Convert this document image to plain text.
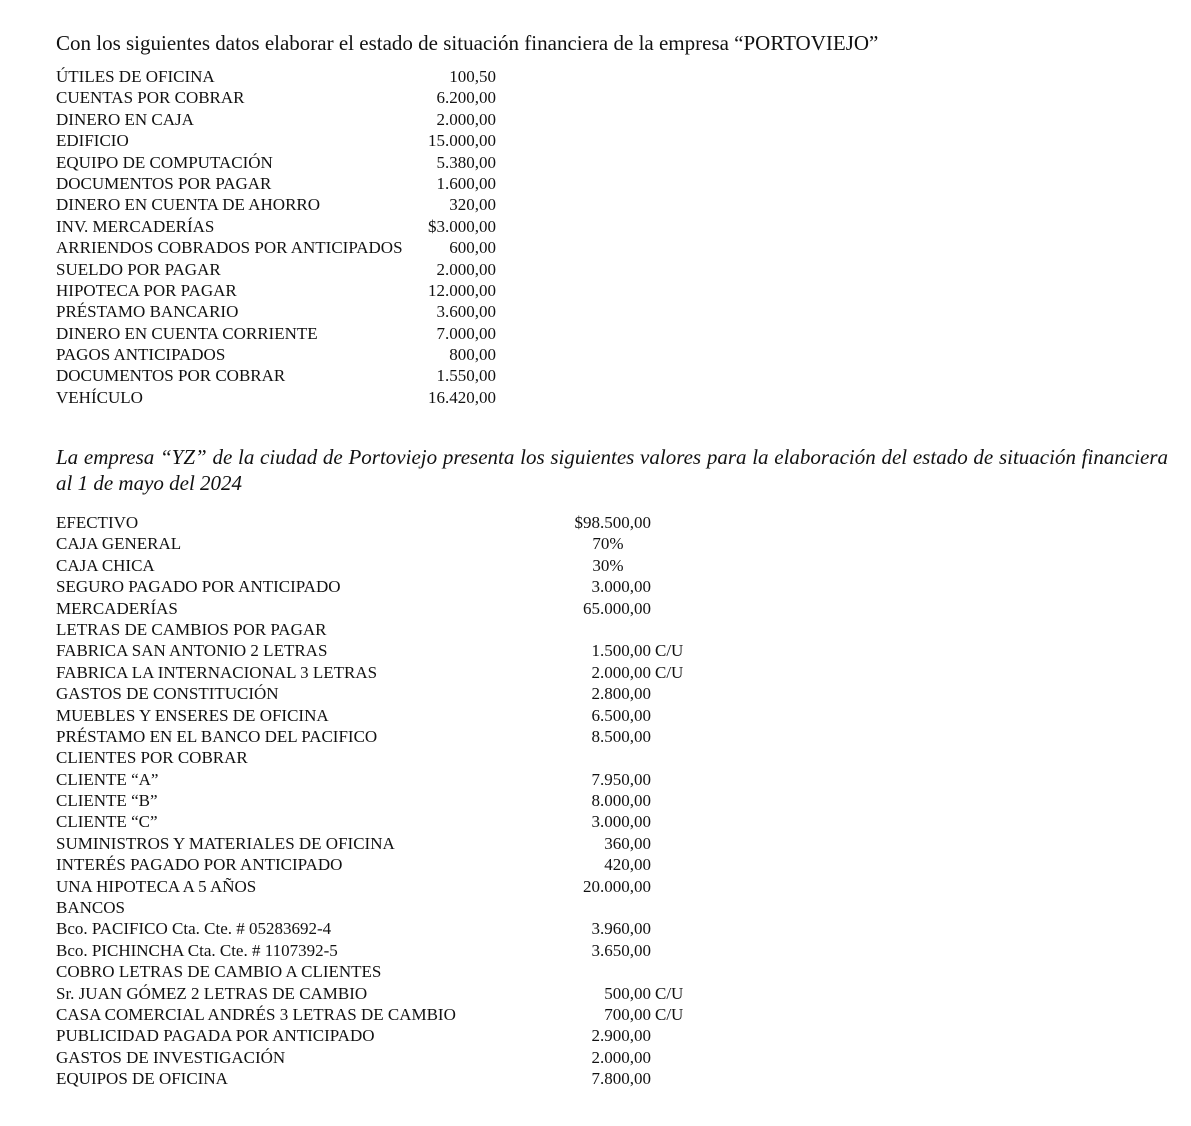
Con los siguientes datos elaborar el estado de situación financiera de la empresa “PORTOVIEJO”
ÚTILES DE OFICINA	100,50
CUENTAS POR COBRAR	6.200,00
DINERO EN CAJA	2.000,00
EDIFICIO	15.000,00
EQUIPO DE COMPUTACIÓN	5.380,00
DOCUMENTOS POR PAGAR	1.600,00
DINERO EN CUENTA DE AHORRO	320,00
INV. MERCADERÍAS	$3.000,00
ARRIENDOS COBRADOS POR ANTICIPADOS	600,00
SUELDO POR PAGAR	2.000,00
HIPOTECA POR PAGAR	12.000,00
PRÉSTAMO BANCARIO	3.600,00
DINERO EN CUENTA CORRIENTE	7.000,00
PAGOS ANTICIPADOS	800,00
DOCUMENTOS POR COBRAR	1.550,00
VEHÍCULO	16.420,00
La empresa “YZ” de la ciudad de Portoviejo presenta los siguientes valores para la elaboración del estado de situación financiera al 1 de mayo del 2024
EFECTIVO	$98.500,00
CAJA GENERAL	70%
CAJA CHICA	30%
SEGURO PAGADO POR ANTICIPADO	3.000,00
MERCADERÍAS	65.000,00
LETRAS DE CAMBIOS POR PAGAR
FABRICA SAN ANTONIO 2 LETRAS	1.500,00 C/U
FABRICA LA INTERNACIONAL 3 LETRAS	2.000,00 C/U
GASTOS DE CONSTITUCIÓN	2.800,00
MUEBLES Y ENSERES DE OFICINA	6.500,00
PRÉSTAMO EN EL BANCO DEL PACIFICO	8.500,00
CLIENTES POR COBRAR
CLIENTE “A”	7.950,00
CLIENTE “B”	8.000,00
CLIENTE “C”	3.000,00
SUMINISTROS Y MATERIALES DE OFICINA	360,00
INTERÉS PAGADO POR ANTICIPADO	420,00
UNA HIPOTECA A 5 AÑOS	20.000,00
BANCOS
Bco. PACIFICO Cta. Cte. # 05283692-4	3.960,00
Bco. PICHINCHA Cta. Cte. # 1107392-5	3.650,00
COBRO LETRAS DE CAMBIO A CLIENTES
Sr. JUAN GÓMEZ 2 LETRAS DE CAMBIO	500,00 C/U
CASA COMERCIAL ANDRÉS 3 LETRAS DE CAMBIO	700,00 C/U
PUBLICIDAD PAGADA POR ANTICIPADO	2.900,00
GASTOS DE INVESTIGACIÓN	2.000,00
EQUIPOS DE OFICINA	7.800,00
